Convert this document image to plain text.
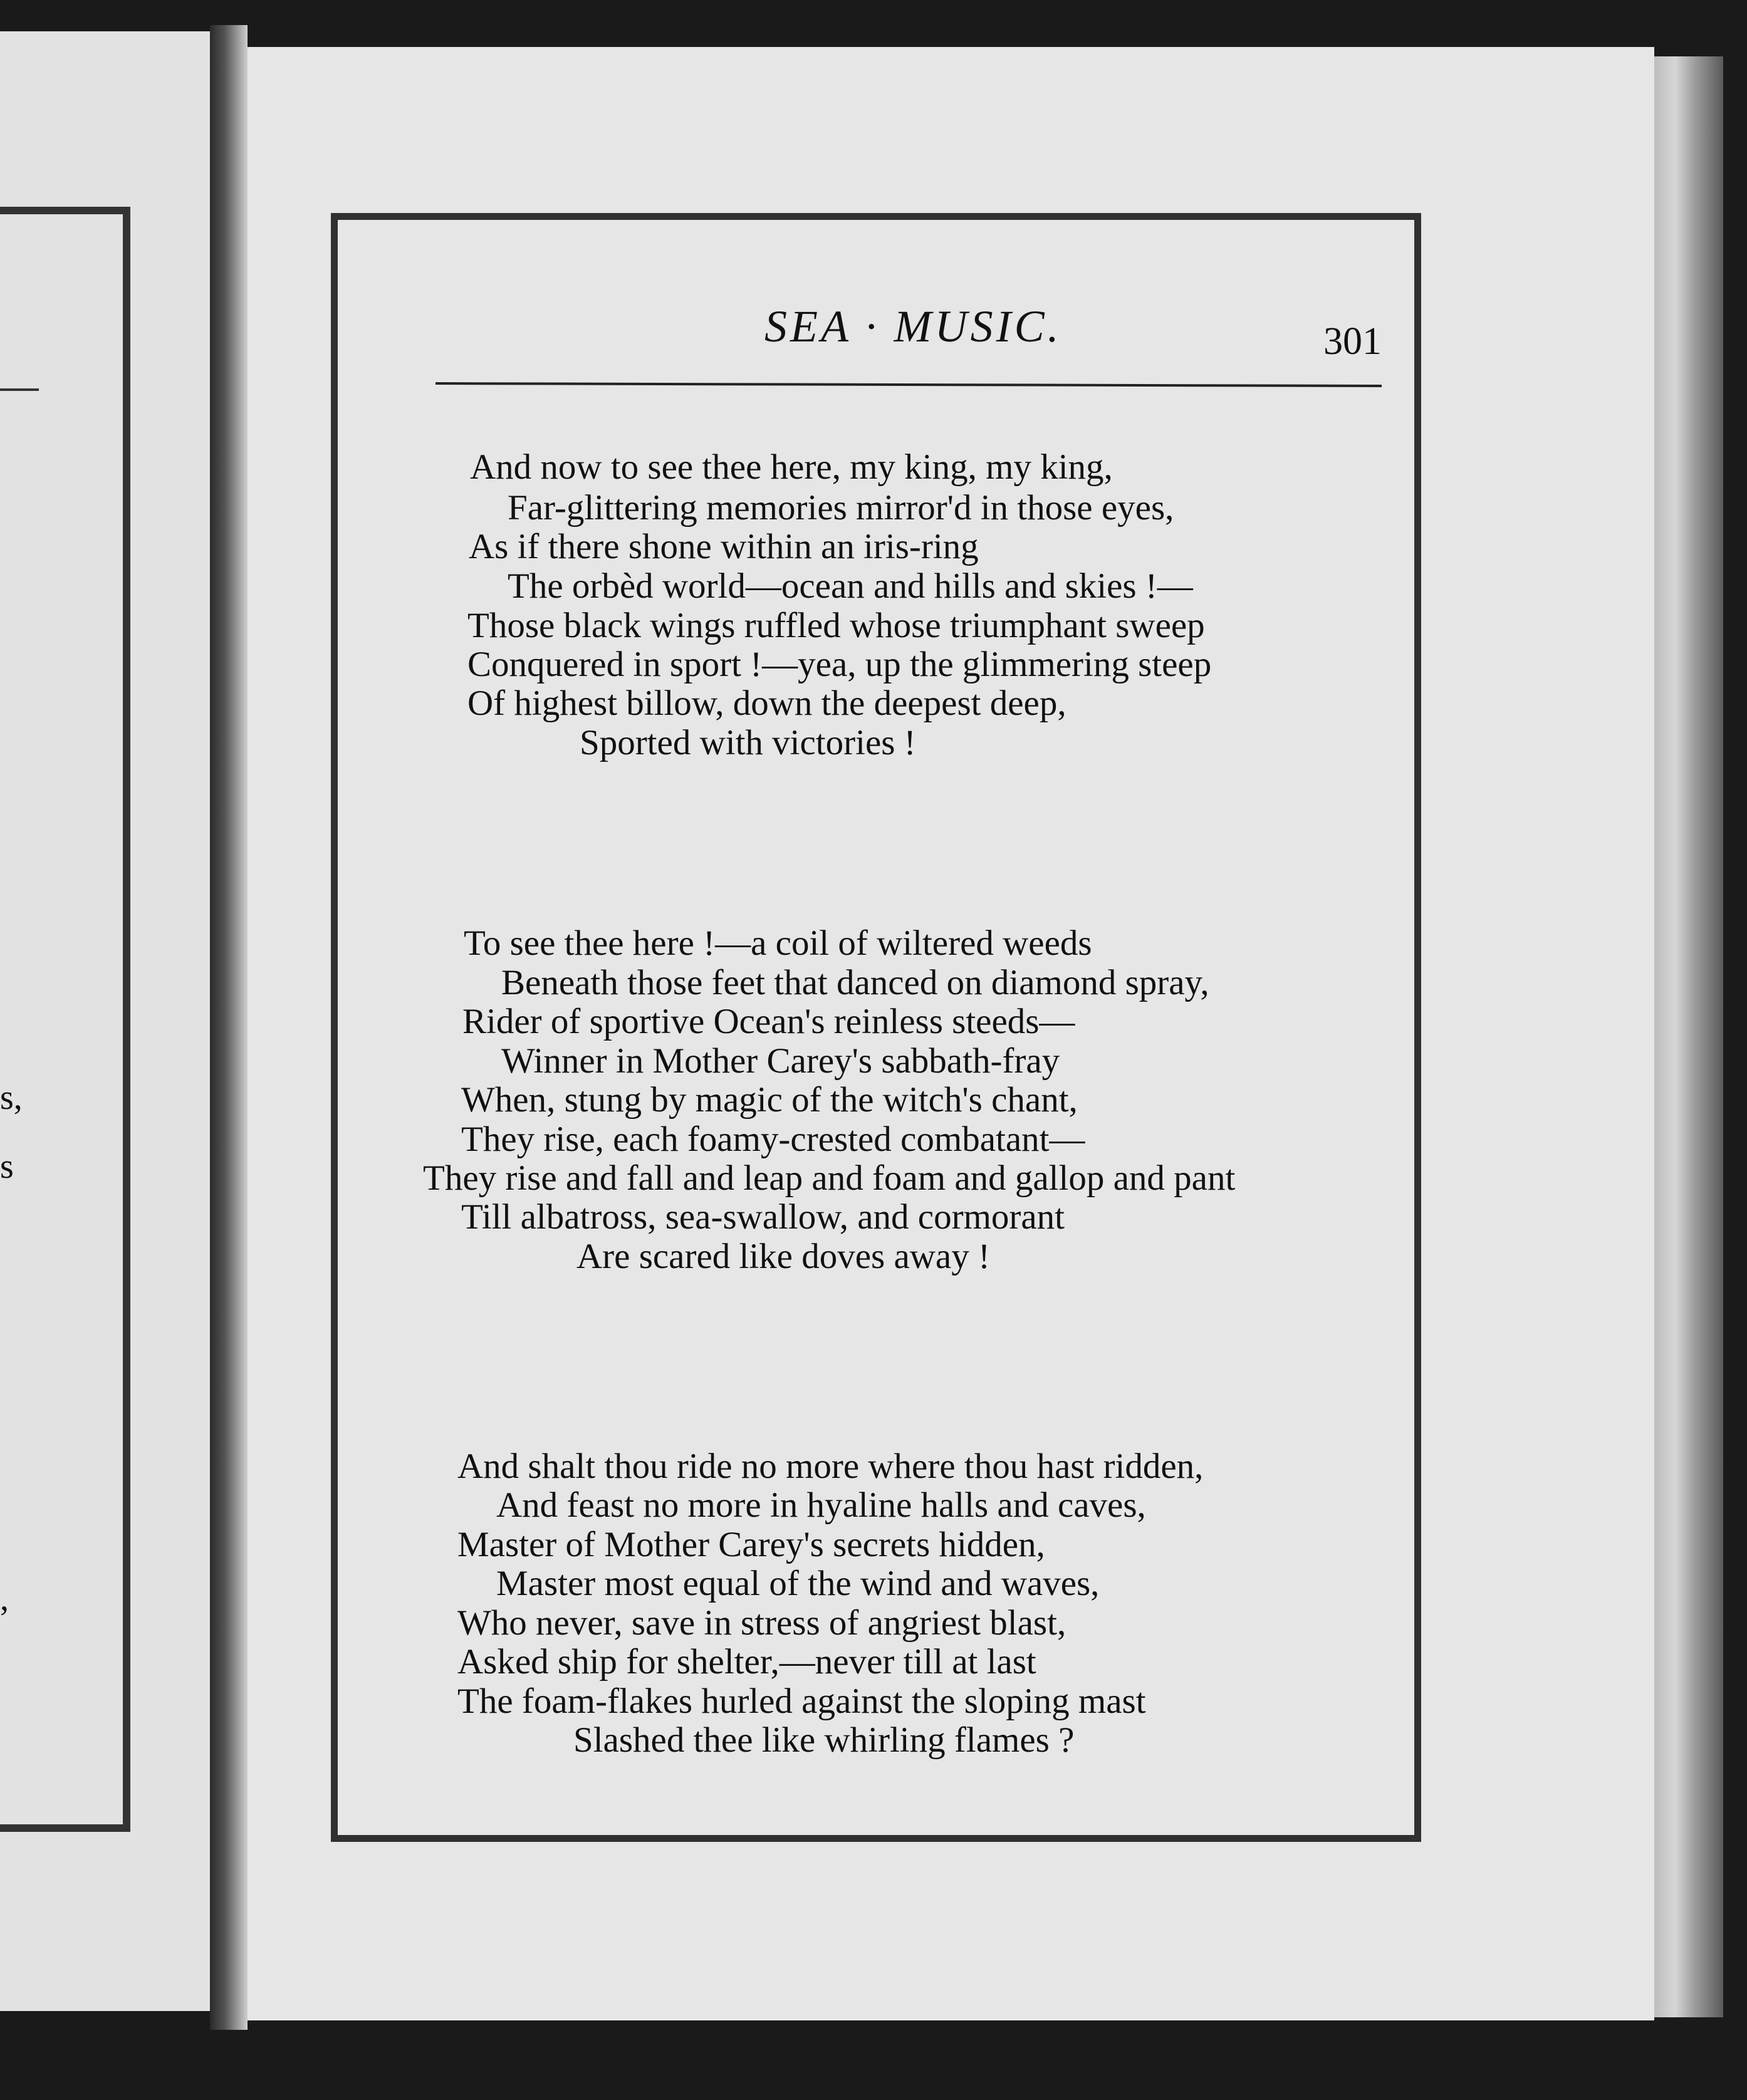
s,
s
,
SEA · MUSIC.	301
And now to see thee here, my king, my king,
Far-glittering memories mirror'd in those eyes,
As if there shone within an iris-ring
The orbèd world—ocean and hills and skies !—
Those black wings ruffled whose triumphant sweep
Conquered in sport !—yea, up the glimmering steep
Of highest billow, down the deepest deep,
Sported with victories !
To see thee here !—a coil of wiltered weeds
Beneath those feet that danced on diamond spray,
Rider of sportive Ocean's reinless steeds—
Winner in Mother Carey's sabbath-fray
When, stung by magic of the witch's chant,
They rise, each foamy-crested combatant—
They rise and fall and leap and foam and gallop and pant
Till albatross, sea-swallow, and cormorant
Are scared like doves away !
And shalt thou ride no more where thou hast ridden,
And feast no more in hyaline halls and caves,
Master of Mother Carey's secrets hidden,
Master most equal of the wind and waves,
Who never, save in stress of angriest blast,
Asked ship for shelter,—never till at last
The foam-flakes hurled against the sloping mast
Slashed thee like whirling flames ?
